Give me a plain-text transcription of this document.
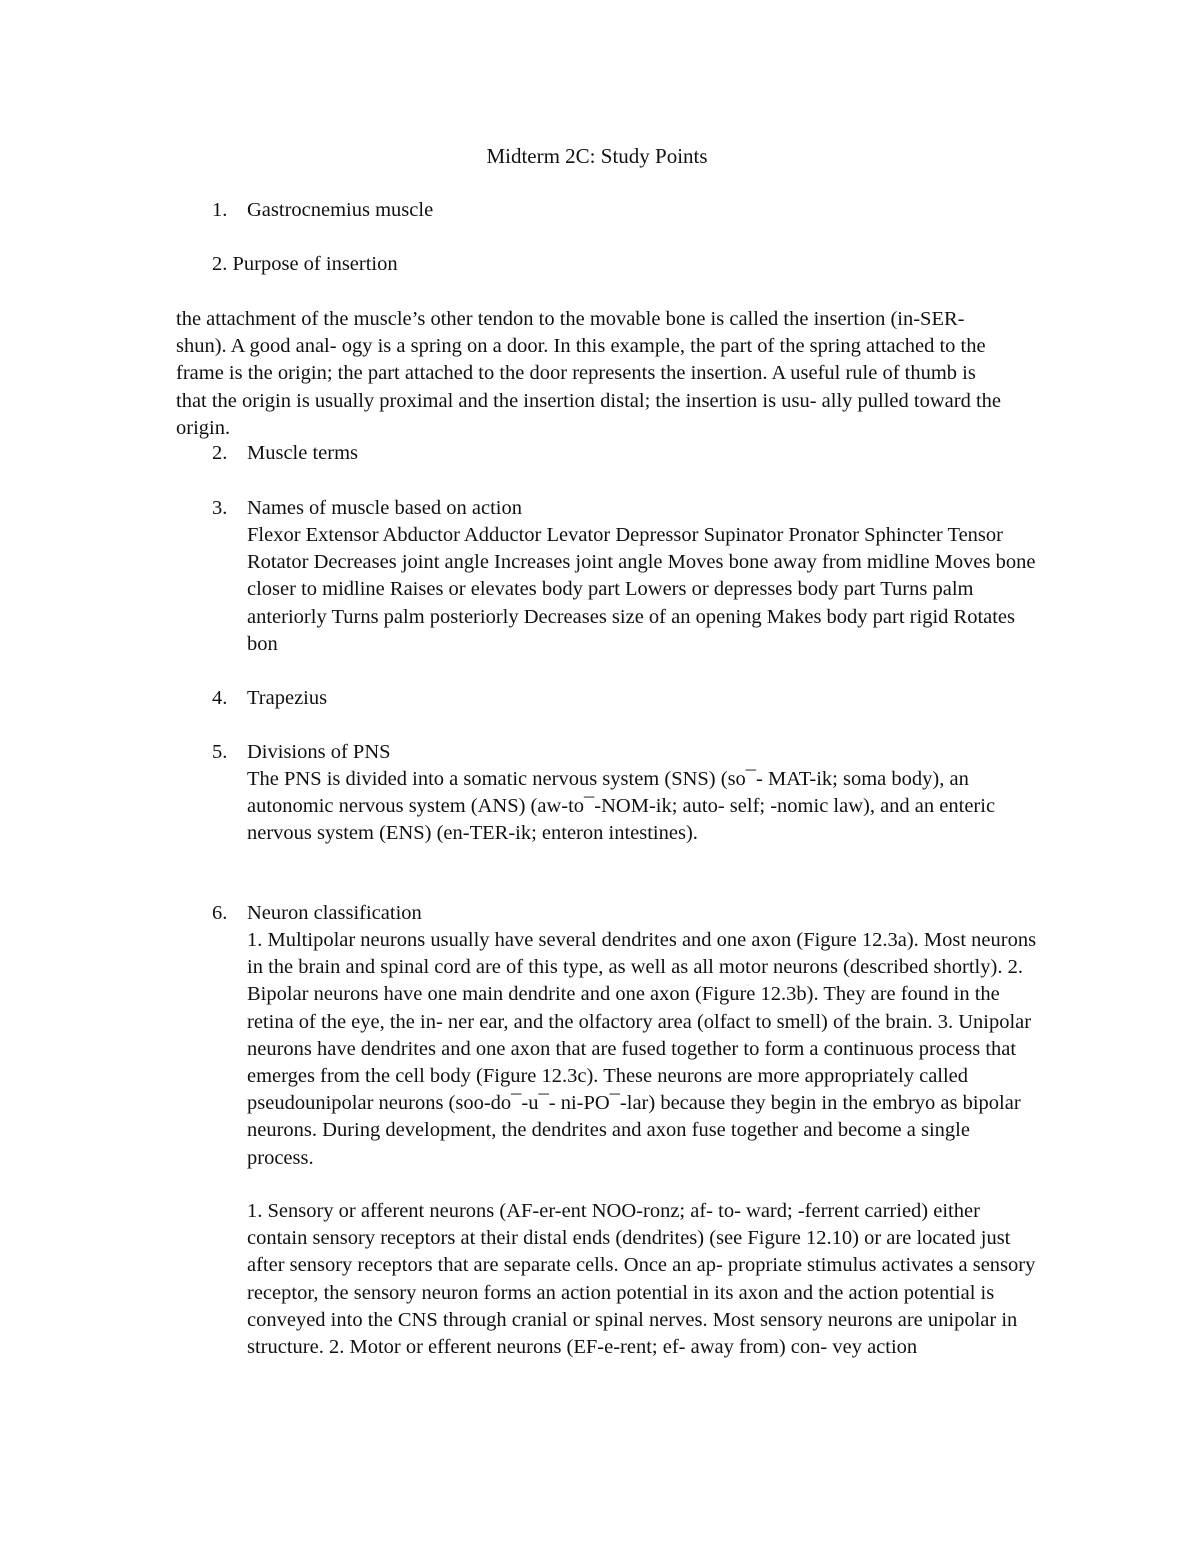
Midterm 2C: Study Points
1. Gastrocnemius muscle
2. Purpose of insertion

the attachment of the muscle’s other tendon to the movable bone is called the insertion (in-SER-shun). A good anal- ogy is a spring on a door. In this example, the part of the spring attached to the frame is the origin; the part attached to the door represents the insertion. A useful rule of thumb is that the origin is usually proximal and the insertion distal; the insertion is usu- ally pulled toward the origin.

2. Muscle terms
3. Names of muscle based on action

Flexor Extensor Abductor Adductor Levator Depressor Supinator Pronator Sphincter Tensor Rotator Decreases joint angle Increases joint angle Moves bone away from midline Moves bone closer to midline Raises or elevates body part Lowers or depresses body part Turns palm anteriorly Turns palm posteriorly Decreases size of an opening Makes body part rigid Rotates bon

4. Trapezius
5. Divisions of PNS

The PNS is divided into a somatic nervous system (SNS) (so¯- MAT-ik; soma body), an autonomic nervous system (ANS) (aw-to¯-NOM-ik; auto- self; -nomic law), and an enteric nervous system (ENS) (en-TER-ik; enteron intestines).

6. Neuron classification

1. Multipolar neurons usually have several dendrites and one axon (Figure 12.3a). Most neurons in the brain and spinal cord are of this type, as well as all motor neurons (described shortly). 2. Bipolar neurons have one main dendrite and one axon (Figure 12.3b). They are found in the retina of the eye, the in- ner ear, and the olfactory area (olfact to smell) of the brain. 3. Unipolar neurons have dendrites and one axon that are fused together to form a continuous process that emerges from the cell body (Figure 12.3c). These neurons are more appropriately called pseudounipolar neurons (soo-do¯-u¯- ni-PO¯-lar) because they begin in the embryo as bipolar neurons. During development, the dendrites and axon fuse together and become a single process.

1. Sensory or afferent neurons (AF-er-ent NOO-ronz; af- to- ward; -ferrent carried) either contain sensory receptors at their distal ends (dendrites) (see Figure 12.10) or are located just after sensory receptors that are separate cells. Once an ap- propriate stimulus activates a sensory receptor, the sensory neuron forms an action potential in its axon and the action potential is conveyed into the CNS through cranial or spinal nerves. Most sensory neurons are unipolar in structure. 2. Motor or efferent neurons (EF-e-rent; ef- away from) con- vey action
